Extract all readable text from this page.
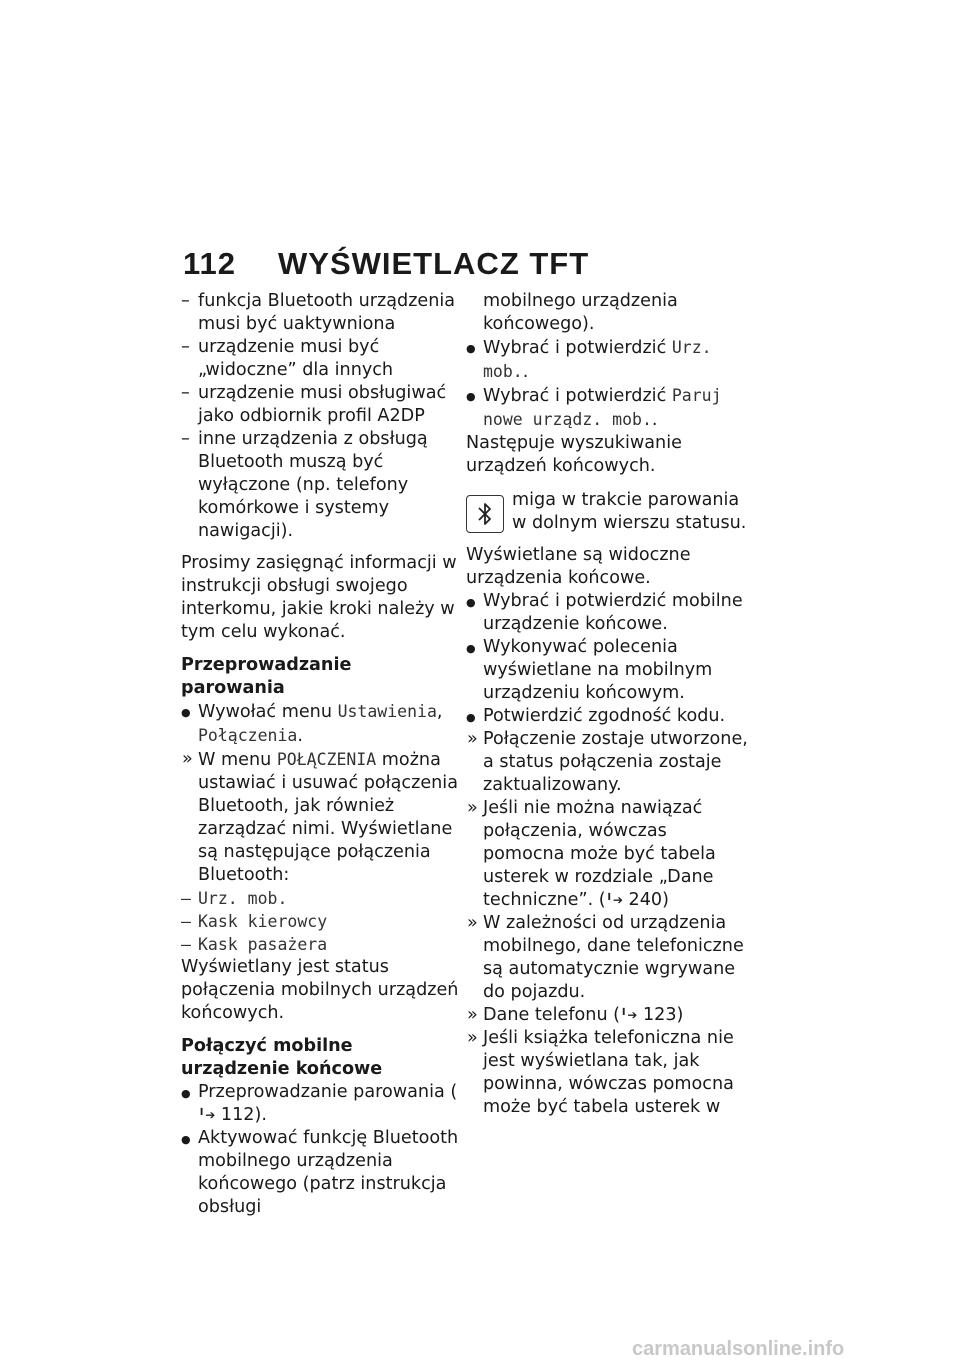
112 WYŚWIETLACZ TFT
– funkcja Bluetooth urządzenia musi być uaktywniona
– urządzenie musi być „widoczne” dla innych
– urządzenie musi obsługiwać jako odbiornik profil A2DP
– inne urządzenia z obsługą Bluetooth muszą być wyłączone (np. telefony komórkowe i systemy nawigacji).
Prosimy zasięgnąć informacji w instrukcji obsługi swojego interkomu, jakie kroki należy w tym celu wykonać.
Przeprowadzanie parowania
● Wywołać menu Ustawienia, Połączenia.
» W menu POŁĄCZENIA można ustawiać i usuwać połączenia Bluetooth, jak również zarządzać nimi. Wyświetlane są następujące połączenia Bluetooth:
– Urz. mob.
– Kask kierowcy
– Kask pasażera
Wyświetlany jest status połączenia mobilnych urządzeń końcowych.
Połączyć mobilne urządzenie końcowe
● Przeprowadzanie parowania (╹➔ 112).
● Aktywować funkcję Bluetooth mobilnego urządzenia końcowego (patrz instrukcja obsługi
mobilnego urządzenia końcowego).
● Wybrać i potwierdzić Urz. mob..
● Wybrać i potwierdzić Paruj nowe urządz. mob..
Następuje wyszukiwanie urządzeń końcowych.
miga w trakcie parowania w dolnym wierszu statusu.
Wyświetlane są widoczne urządzenia końcowe.
● Wybrać i potwierdzić mobilne urządzenie końcowe.
● Wykonywać polecenia wyświetlane na mobilnym urządzeniu końcowym.
● Potwierdzić zgodność kodu.
» Połączenie zostaje utworzone, a status połączenia zostaje zaktualizowany.
» Jeśli nie można nawiązać połączenia, wówczas pomocna może być tabela usterek w rozdziale „Dane techniczne”. (╹➔ 240)
» W zależności od urządzenia mobilnego, dane telefoniczne są automatycznie wgrywane do pojazdu.
» Dane telefonu (╹➔ 123)
» Jeśli książka telefoniczna nie jest wyświetlana tak, jak powinna, wówczas pomocna może być tabela usterek w
carmanualsonline.info
